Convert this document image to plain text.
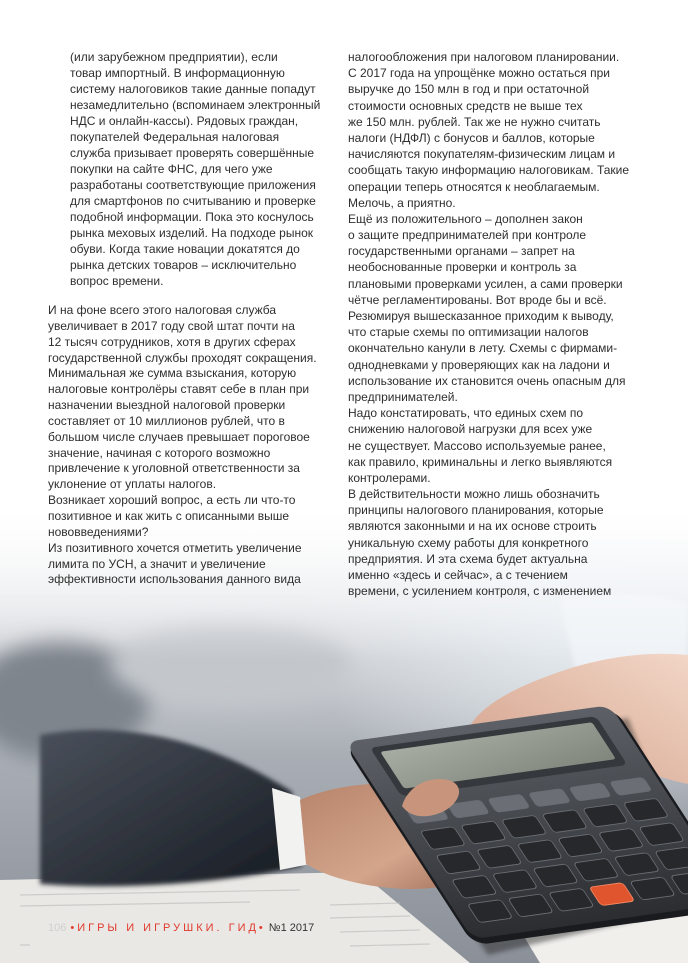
(или зарубежном предприятии), если
товар импортный. В информационную
систему налоговиков такие данные попадут
незамедлительно (вспоминаем электронный
НДС и онлайн-кассы). Рядовых граждан,
покупателей Федеральная налоговая
служба призывает проверять совершённые
покупки на сайте ФНС, для чего уже
разработаны соответствующие приложения
для смартфонов по считыванию и проверке
подобной информации. Пока это коснулось
рынка меховых изделий. На подходе рынок
обуви. Когда такие новации докатятся до
рынка детских товаров – исключительно
вопрос времени.
И на фоне всего этого налоговая служба
увеличивает в 2017 году свой штат почти на
12 тысяч сотрудников, хотя в других сферах
государственной службы проходят сокращения.
Минимальная же сумма взыскания, которую
налоговые контролёры ставят себе в план при
назначении выездной налоговой проверки
составляет от 10 миллионов рублей, что в
большом числе случаев превышает пороговое
значение, начиная с которого возможно
привлечение к уголовной ответственности за
уклонение от уплаты налогов.
Возникает хороший вопрос, а есть ли что-то
позитивное и как жить с описанными выше
нововведениями?
Из позитивного хочется отметить увеличение
лимита по УСН, а значит и увеличение
эффективности использования данного вида
налогообложения при налоговом планировании.
С 2017 года на упрощёнке можно остаться при
выручке до 150 млн в год и при остаточной
стоимости основных средств не выше тех
же 150 млн. рублей. Так же не нужно считать
налоги (НДФЛ) с бонусов и баллов, которые
начисляются покупателям-физическим лицам и
сообщать такую информацию налоговикам. Такие
операции теперь относятся к необлагаемым.
Мелочь, а приятно.
Ещё из положительного – дополнен закон
о защите предпринимателей при контроле
государственными органами – запрет на
необоснованные проверки и контроль за
плановыми проверками усилен, а сами проверки
чётче регламентированы. Вот вроде бы и всё.
Резюмируя вышесказанное приходим к выводу,
что старые схемы по оптимизации налогов
окончательно канули в лету. Схемы с фирмами-
однодневками у проверяющих как на ладони и
использование их становится очень опасным для
предпринимателей.
Надо констатировать, что единых схем по
снижению налоговой нагрузки для всех уже
не существует. Массово используемые ранее,
как правило, криминальны и легко выявляются
контролерами.
В действительности можно лишь обозначить
принципы налогового планирования, которые
являются законными и на их основе строить
уникальную схему работы для конкретного
предприятия. И эта схема будет актуальна
именно «здесь и сейчас», а с течением
времени, с усилением контроля, с изменением
106 •ИГРЫ И ИГРУШКИ. ГИД• №1 2017
